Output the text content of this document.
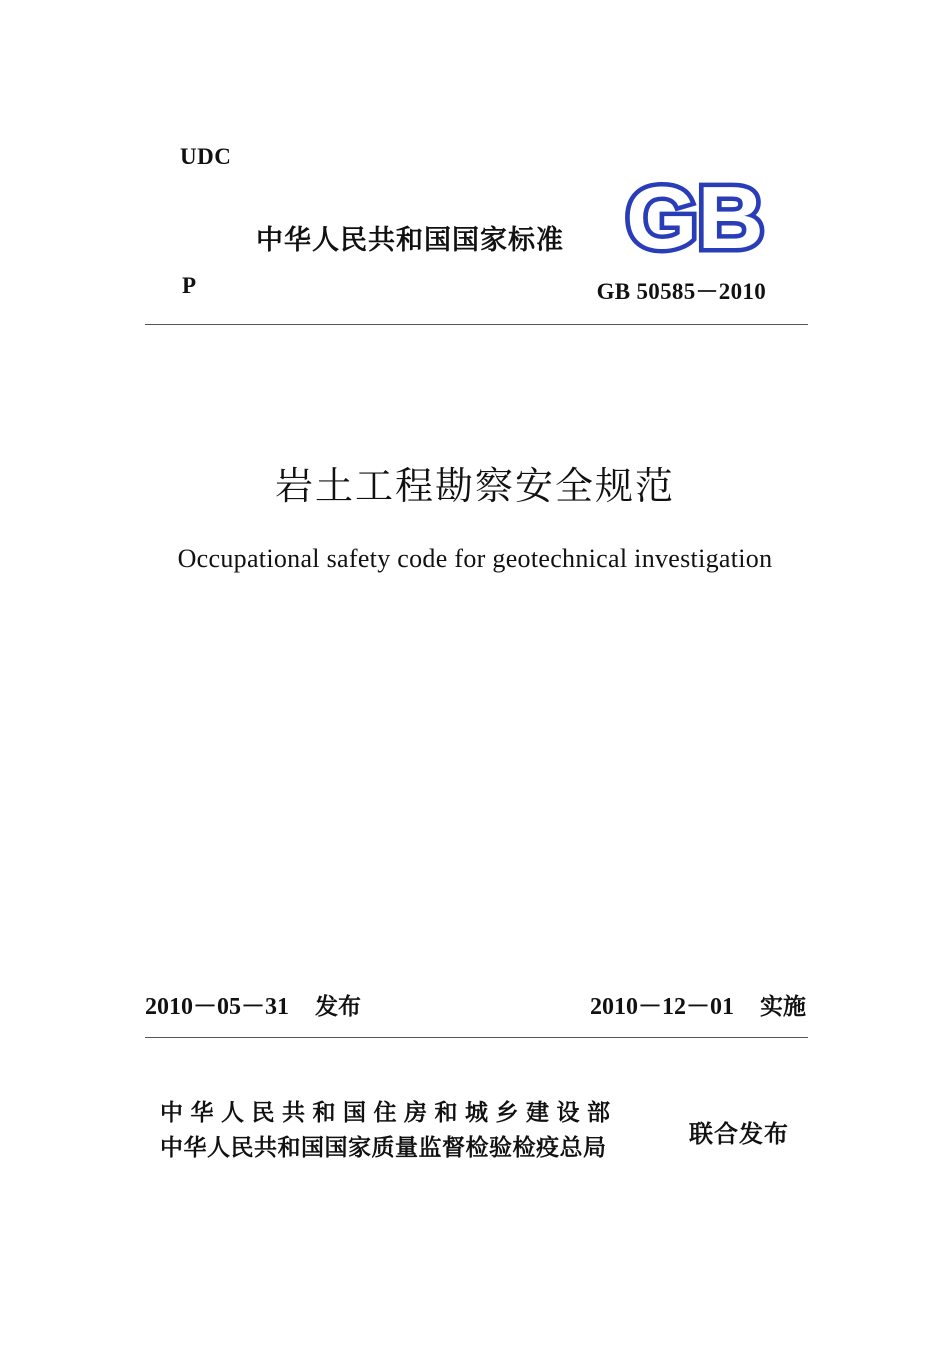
UDC
中华人民共和国国家标准 GB
P	GB 50585－2010
岩土工程勘察安全规范
Occupational safety code for geotechnical investigation
2010－05－31 发布	2010－12－01 实施
中华人民共和国住房和城乡建设部
中华人民共和国国家质量监督检验检疫总局	联合发布
